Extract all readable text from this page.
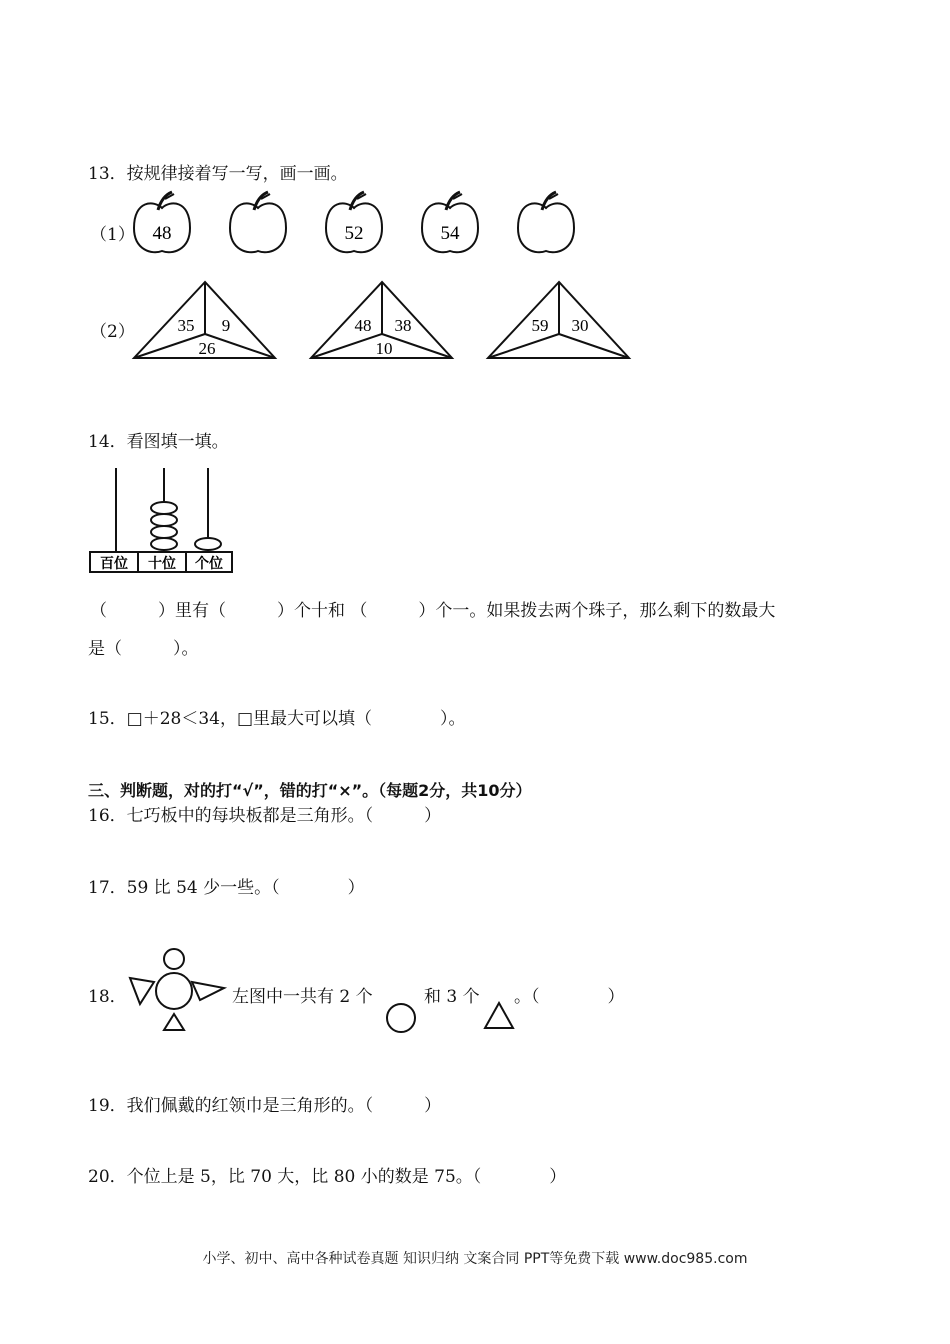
13．按规律接着写一写，画一画。
（1） 48	52	54
（2）	35 9
26
48 38
10
59 30
14．看图填一填。
百位 十位 个位
（　　　）里有（　　　）个十和 （　　　）个一。如果拨去两个珠子，那么剩下的数最大
是（　　　）。
15．□＋28＜34，□里最大可以填（　　　　）。
三、判断题，对的打“√”，错的打“×”。（每题2分，共10分）
16．七巧板中的每块板都是三角形。（　　　）
17．59 比 54 少一些。（　　　　）
18．	左图中一共有 2 个	和 3 个 。（　　　　）
19．我们佩戴的红领巾是三角形的。（　　　）
20．个位上是 5，比 70 大，比 80 小的数是 75。（　　　　）
小学、初中、高中各种试卷真题 知识归纳 文案合同 PPT等免费下载 www.doc985.com
